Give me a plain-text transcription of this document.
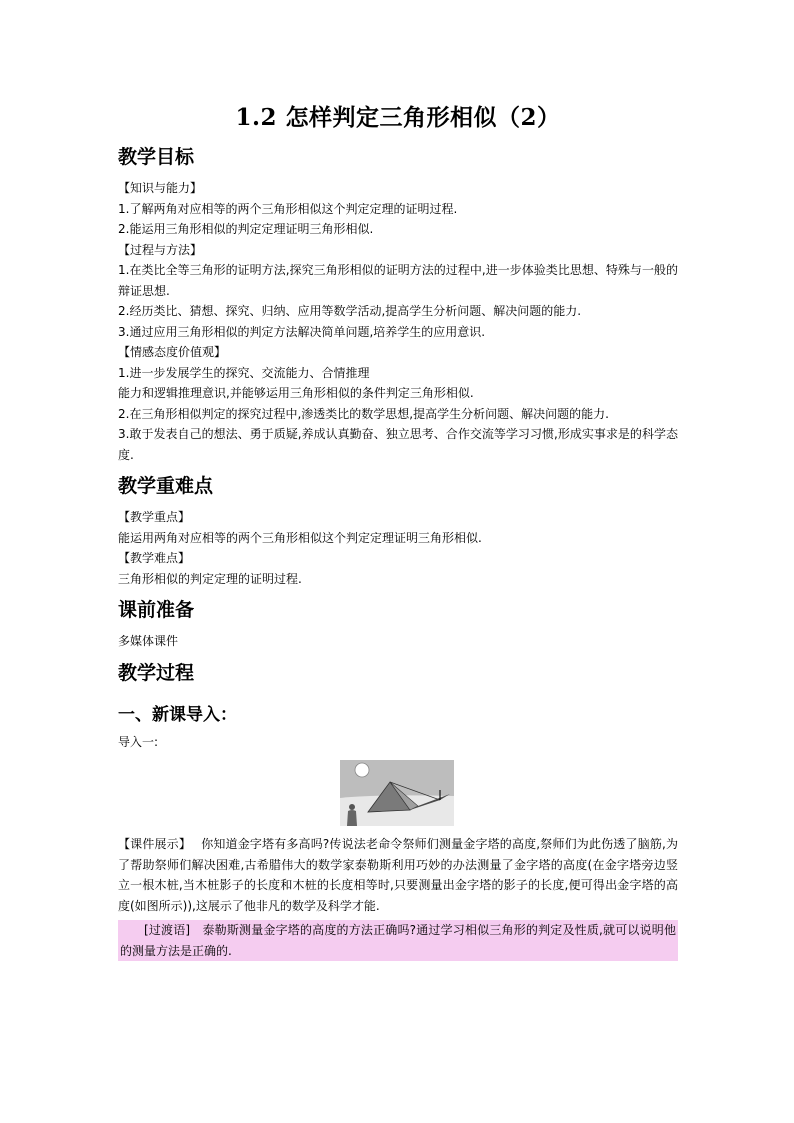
1.2 怎样判定三角形相似（2）
教学目标

【知识与能力】

1.了解两角对应相等的两个三角形相似这个判定定理的证明过程.

2.能运用三角形相似的判定定理证明三角形相似.

【过程与方法】

1.在类比全等三角形的证明方法,探究三角形相似的证明方法的过程中,进一步体验类比思想、特殊与一般的辩证思想.

2.经历类比、猜想、探究、归纳、应用等数学活动,提高学生分析问题、解决问题的能力.

3.通过应用三角形相似的判定方法解决简单问题,培养学生的应用意识.

【情感态度价值观】

1.进一步发展学生的探究、交流能力、合情推理

能力和逻辑推理意识,并能够运用三角形相似的条件判定三角形相似.

2.在三角形相似判定的探究过程中,渗透类比的数学思想,提高学生分析问题、解决问题的能力.

3.敢于发表自己的想法、勇于质疑,养成认真勤奋、独立思考、合作交流等学习习惯,形成实事求是的科学态度.

教学重难点

【教学重点】

能运用两角对应相等的两个三角形相似这个判定定理证明三角形相似.

【教学难点】

三角形相似的判定定理的证明过程.

课前准备

多媒体课件

教学过程
一、新课导入：

导入一:

【课件展示】　 你知道金字塔有多高吗?传说法老命令祭师们测量金字塔的高度,祭师们为此伤透了脑筋,为了帮助祭师们解决困难,古希腊伟大的数学家泰勒斯利用巧妙的办法测量了金字塔的高度(在金字塔旁边竖立一根木桩,当木桩影子的长度和木桩的长度相等时,只要测量出金字塔的影子的长度,便可得出金字塔的高度(如图所示)),这展示了他非凡的数学及科学才能.

[过渡语]　 泰勒斯测量金字塔的高度的方法正确吗?通过学习相似三角形的判定及性质,就可以说明他的测量方法是正确的.
